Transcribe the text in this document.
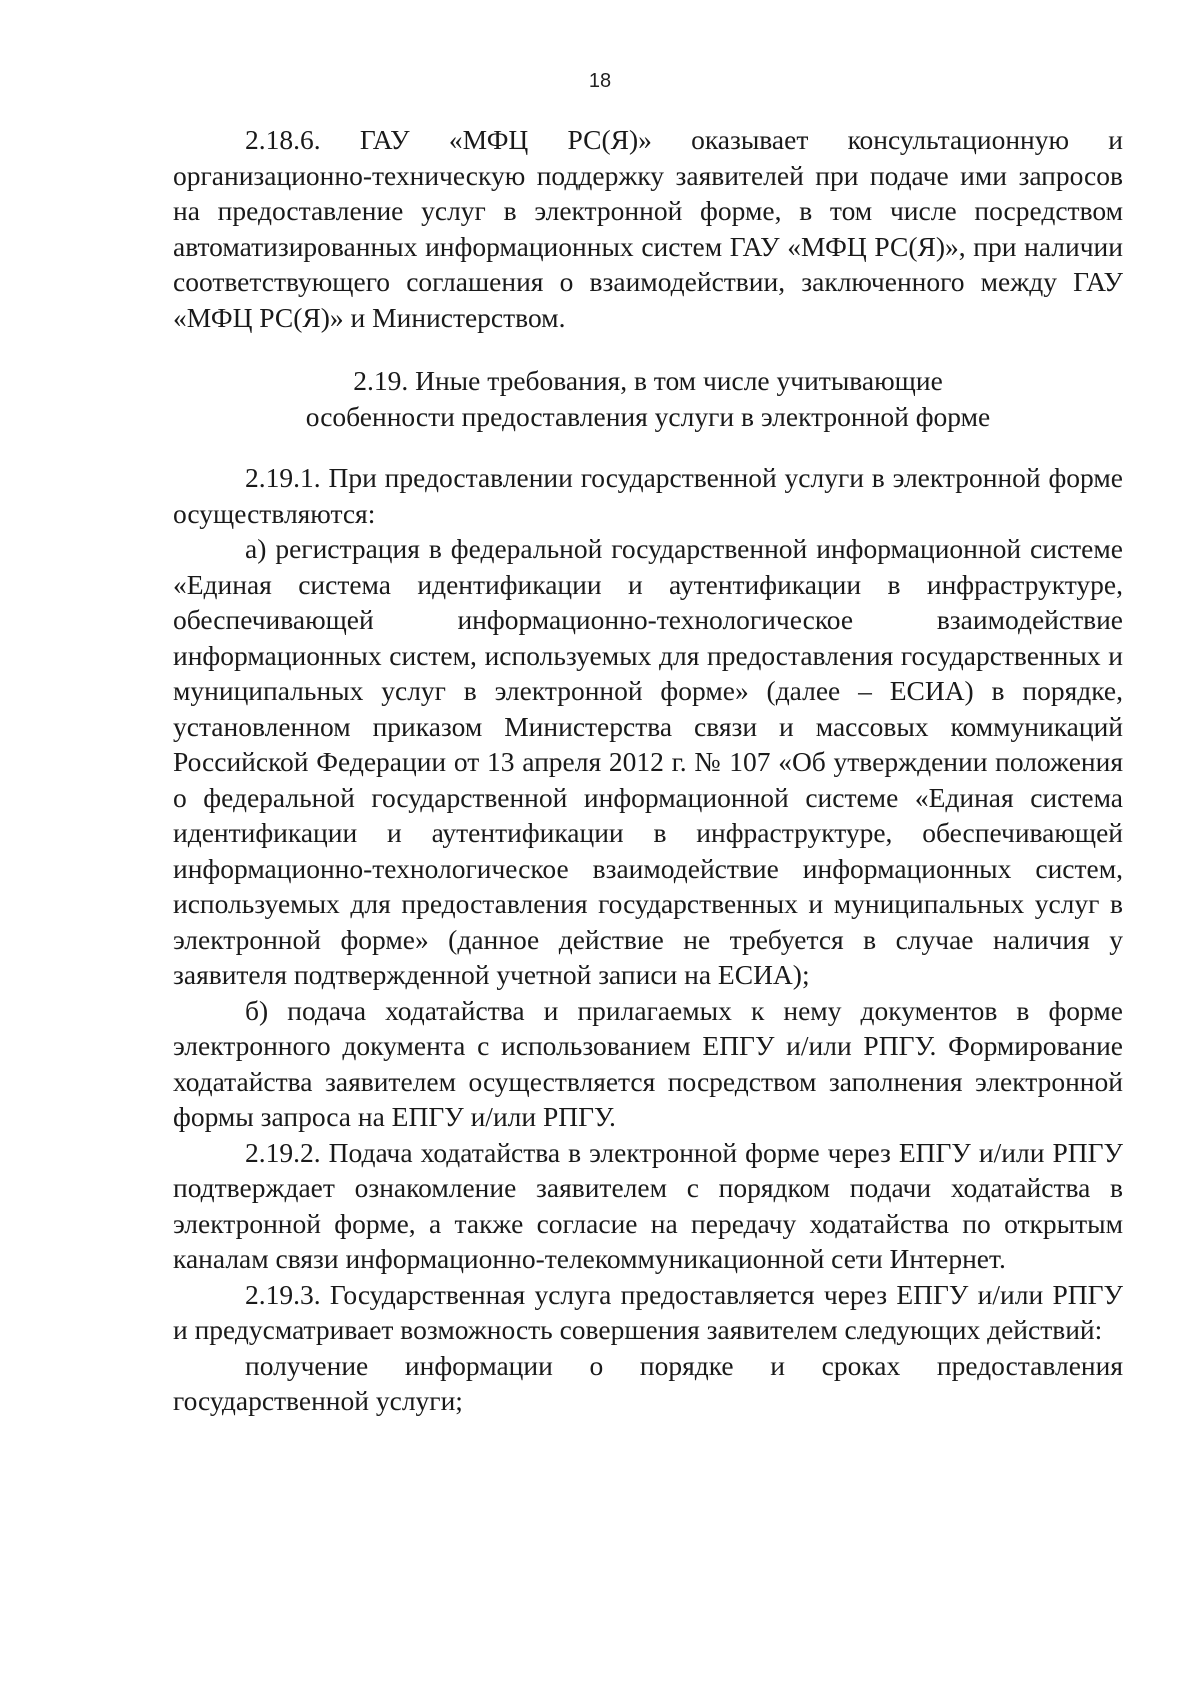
18

2.18.6. ГАУ «МФЦ РС(Я)» оказывает консультационную и организационно-техническую поддержку заявителей при подаче ими запросов на предоставление услуг в электронной форме, в том числе посредством автоматизированных информационных систем ГАУ «МФЦ РС(Я)», при наличии соответствующего соглашения о взаимодействии, заключенного между ГАУ «МФЦ РС(Я)» и Министерством.

2.19. Иные требования, в том числе учитывающие
особенности предоставления услуги в электронной форме

2.19.1. При предоставлении государственной услуги в электронной форме осуществляются:

а) регистрация в федеральной государственной информационной системе «Единая система идентификации и аутентификации в инфраструктуре, обеспечивающей информационно-технологическое взаимодействие информационных систем, используемых для предоставления государственных и муниципальных услуг в электронной форме» (далее – ЕСИА) в порядке, установленном приказом Министерства связи и массовых коммуникаций Российской Федерации от 13 апреля 2012 г. № 107 «Об утверждении положения о федеральной государственной информационной системе «Единая система идентификации и аутентификации в инфраструктуре, обеспечивающей информационно-технологическое взаимодействие информационных систем, используемых для предоставления государственных и муниципальных услуг в электронной форме» (данное действие не требуется в случае наличия у заявителя подтвержденной учетной записи на ЕСИА);

б) подача ходатайства и прилагаемых к нему документов в форме электронного документа с использованием ЕПГУ и/или РПГУ. Формирование ходатайства заявителем осуществляется посредством заполнения электронной формы запроса на ЕПГУ и/или РПГУ.

2.19.2. Подача ходатайства в электронной форме через ЕПГУ и/или РПГУ подтверждает ознакомление заявителем с порядком подачи ходатайства в электронной форме, а также согласие на передачу ходатайства по открытым каналам связи информационно-телекоммуникационной сети Интернет.

2.19.3. Государственная услуга предоставляется через ЕПГУ и/или РПГУ и предусматривает возможность совершения заявителем следующих действий:

получение информации о порядке и сроках предоставления государственной услуги;
